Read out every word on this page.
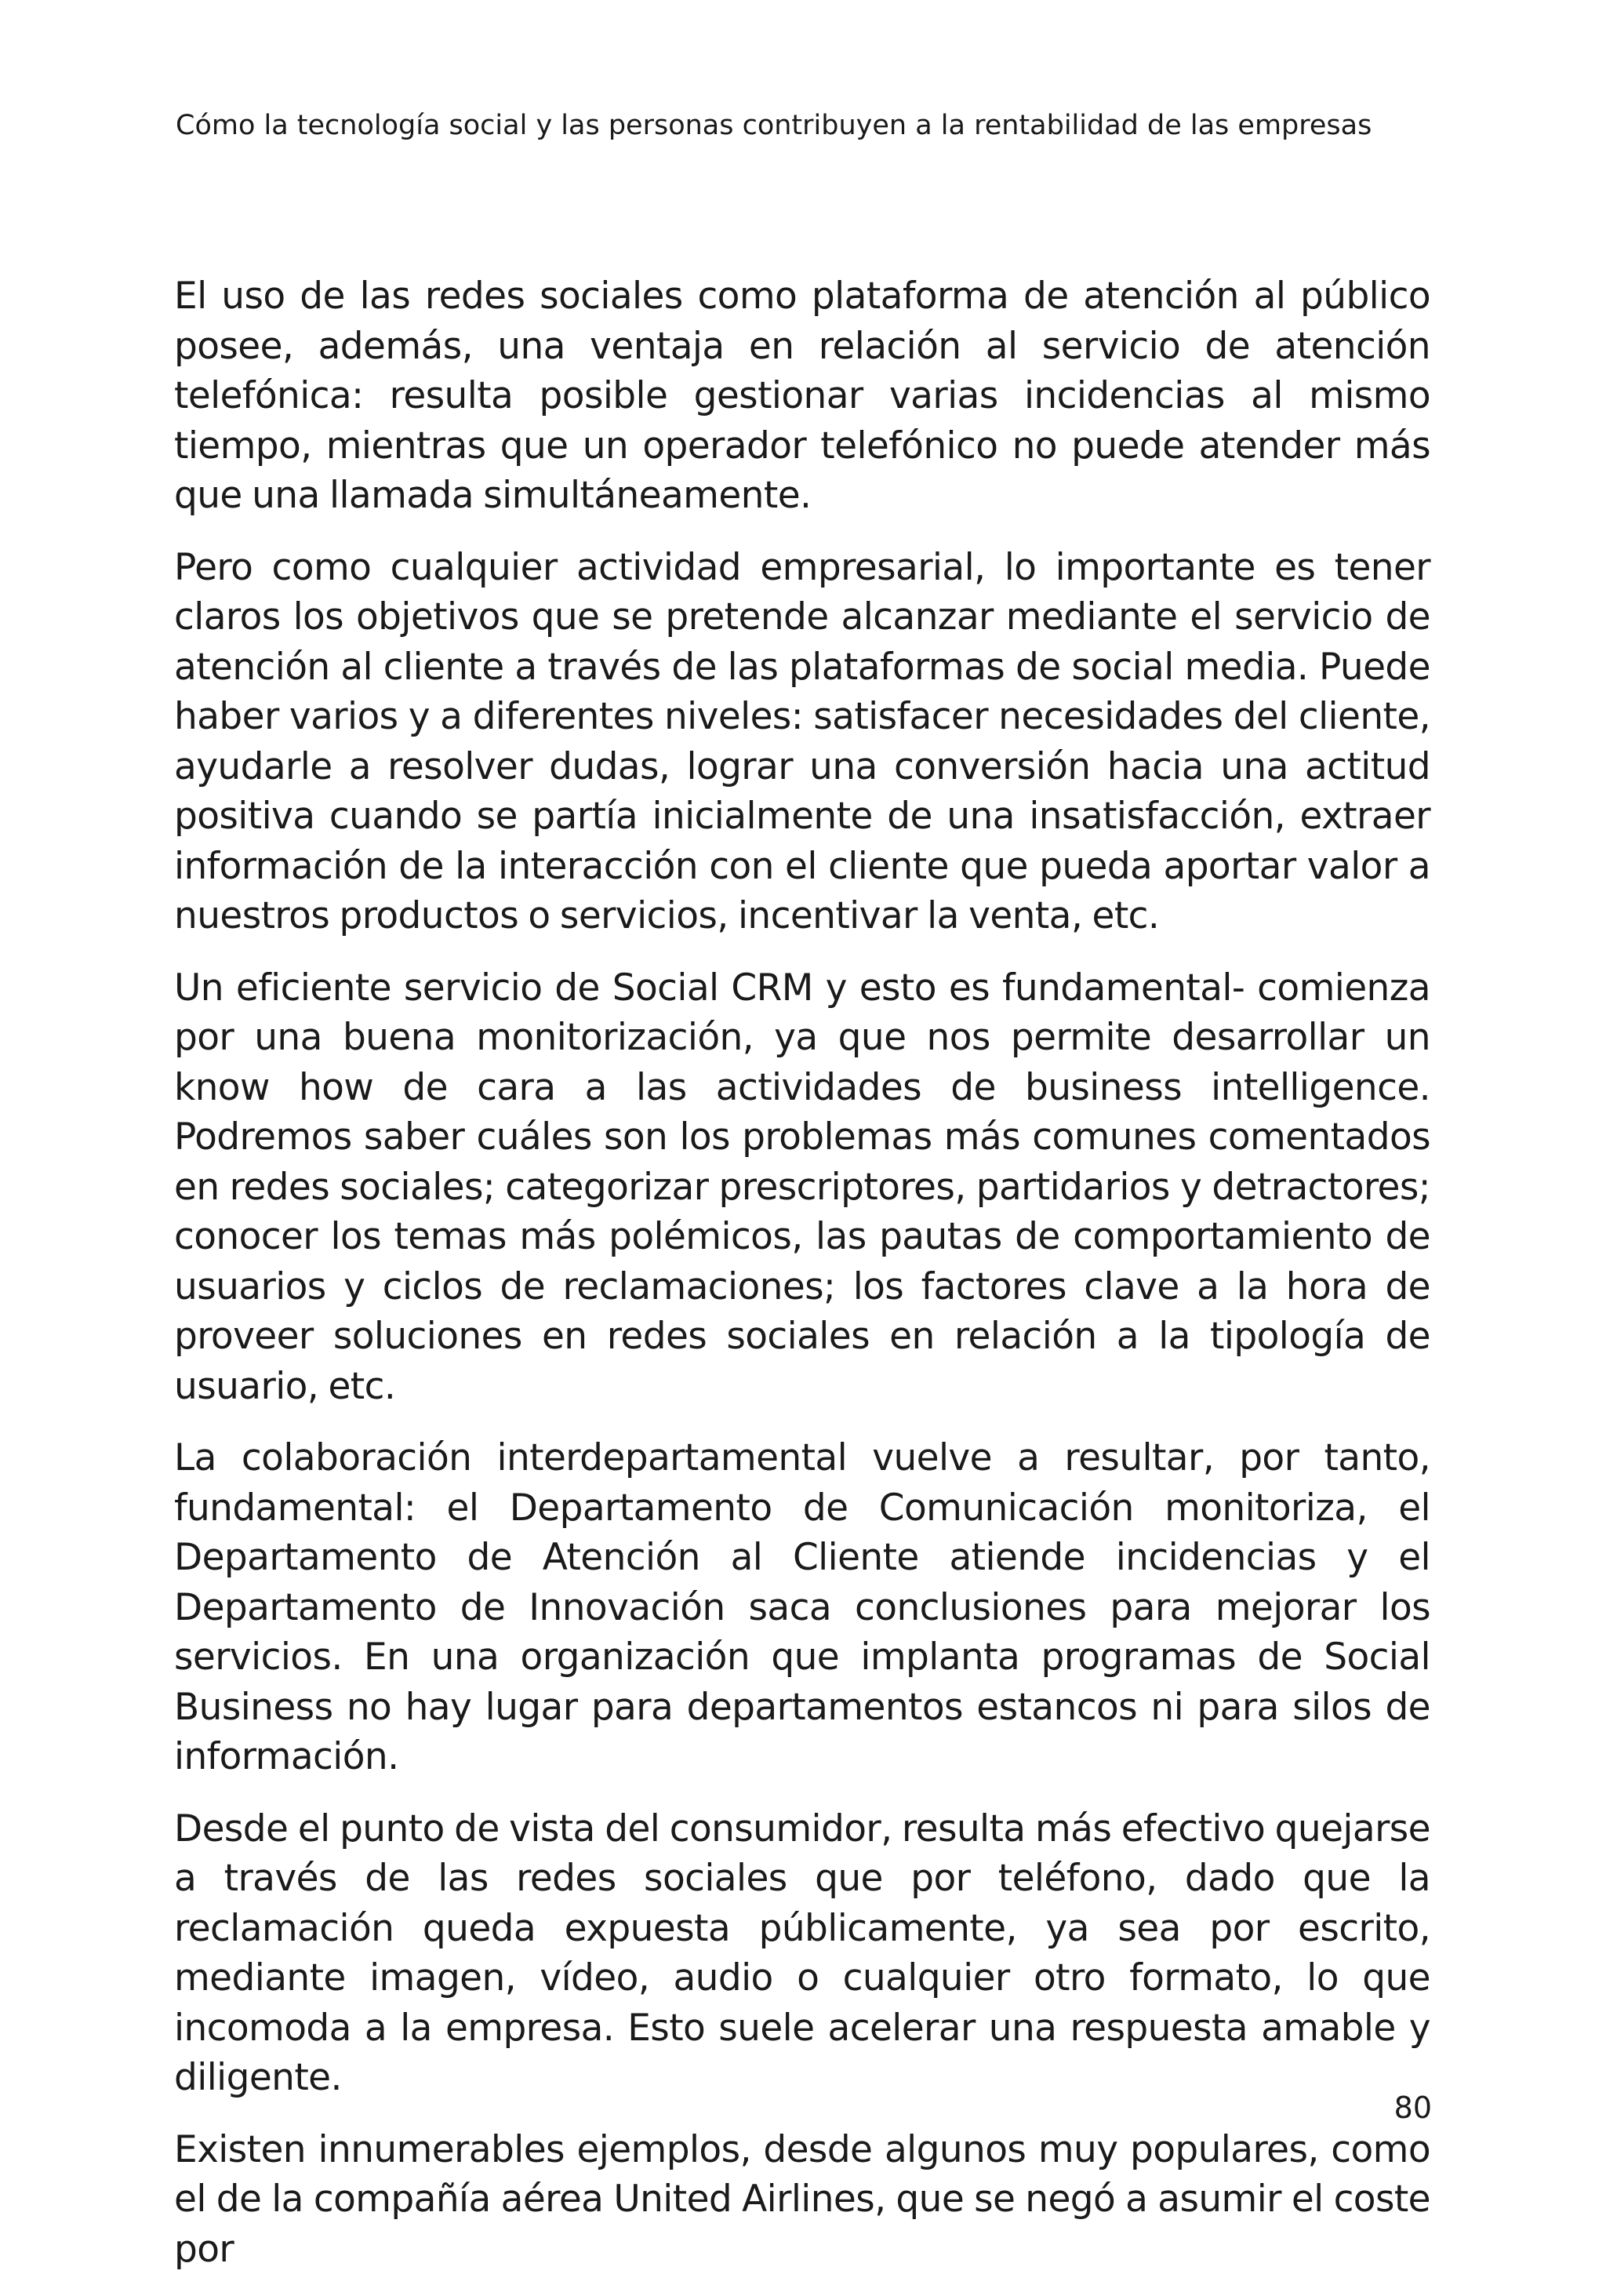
Cómo la tecnología social y las personas contribuyen a la rentabilidad de las empresas

El uso de las redes sociales como plataforma de atención al público posee, además, una ventaja en relación al servicio de atención telefónica: resulta posible gestionar varias incidencias al mismo tiempo, mientras que un operador telefónico no puede atender más que una llamada simultáneamente.

Pero como cualquier actividad empresarial, lo importante es tener claros los objetivos que se pretende alcanzar mediante el servicio de atención al cliente a través de las plataformas de social media. Puede haber varios y a diferentes niveles: satisfacer necesidades del cliente, ayudarle a resolver dudas, lograr una conversión hacia una actitud positiva cuando se partía inicialmente de una insatisfacción, extraer información de la interacción con el cliente que pueda aportar valor a nuestros productos o servicios, incentivar la venta, etc.

Un eficiente servicio de Social CRM y esto es fundamental- comienza por una buena monitorización, ya que nos permite desarrollar un know how de cara a las actividades de business intelligence. Podremos saber cuáles son los problemas más comunes comentados en redes sociales; categorizar prescriptores, partidarios y detractores; conocer los temas más polémicos, las pautas de comportamiento de usuarios y ciclos de reclamaciones; los factores clave a la hora de proveer soluciones en redes sociales en relación a la tipología de usuario, etc.

La colaboración interdepartamental vuelve a resultar, por tanto, fundamental: el Departamento de Comunicación monitoriza, el Departamento de Atención al Cliente atiende incidencias y el Departamento de Innovación saca conclusiones para mejorar los servicios. En una organización que implanta programas de Social Business no hay lugar para departamentos estancos ni para silos de información.

Desde el punto de vista del consumidor, resulta más efectivo quejarse a través de las redes sociales que por teléfono, dado que la reclamación queda expuesta públicamente, ya sea por escrito, mediante imagen, vídeo, audio o cualquier otro formato, lo que incomoda a la empresa. Esto suele acelerar una respuesta amable y diligente.

Existen innumerables ejemplos, desde algunos muy populares, como el de la compañía aérea United Airlines, que se negó a asumir el coste por

80
